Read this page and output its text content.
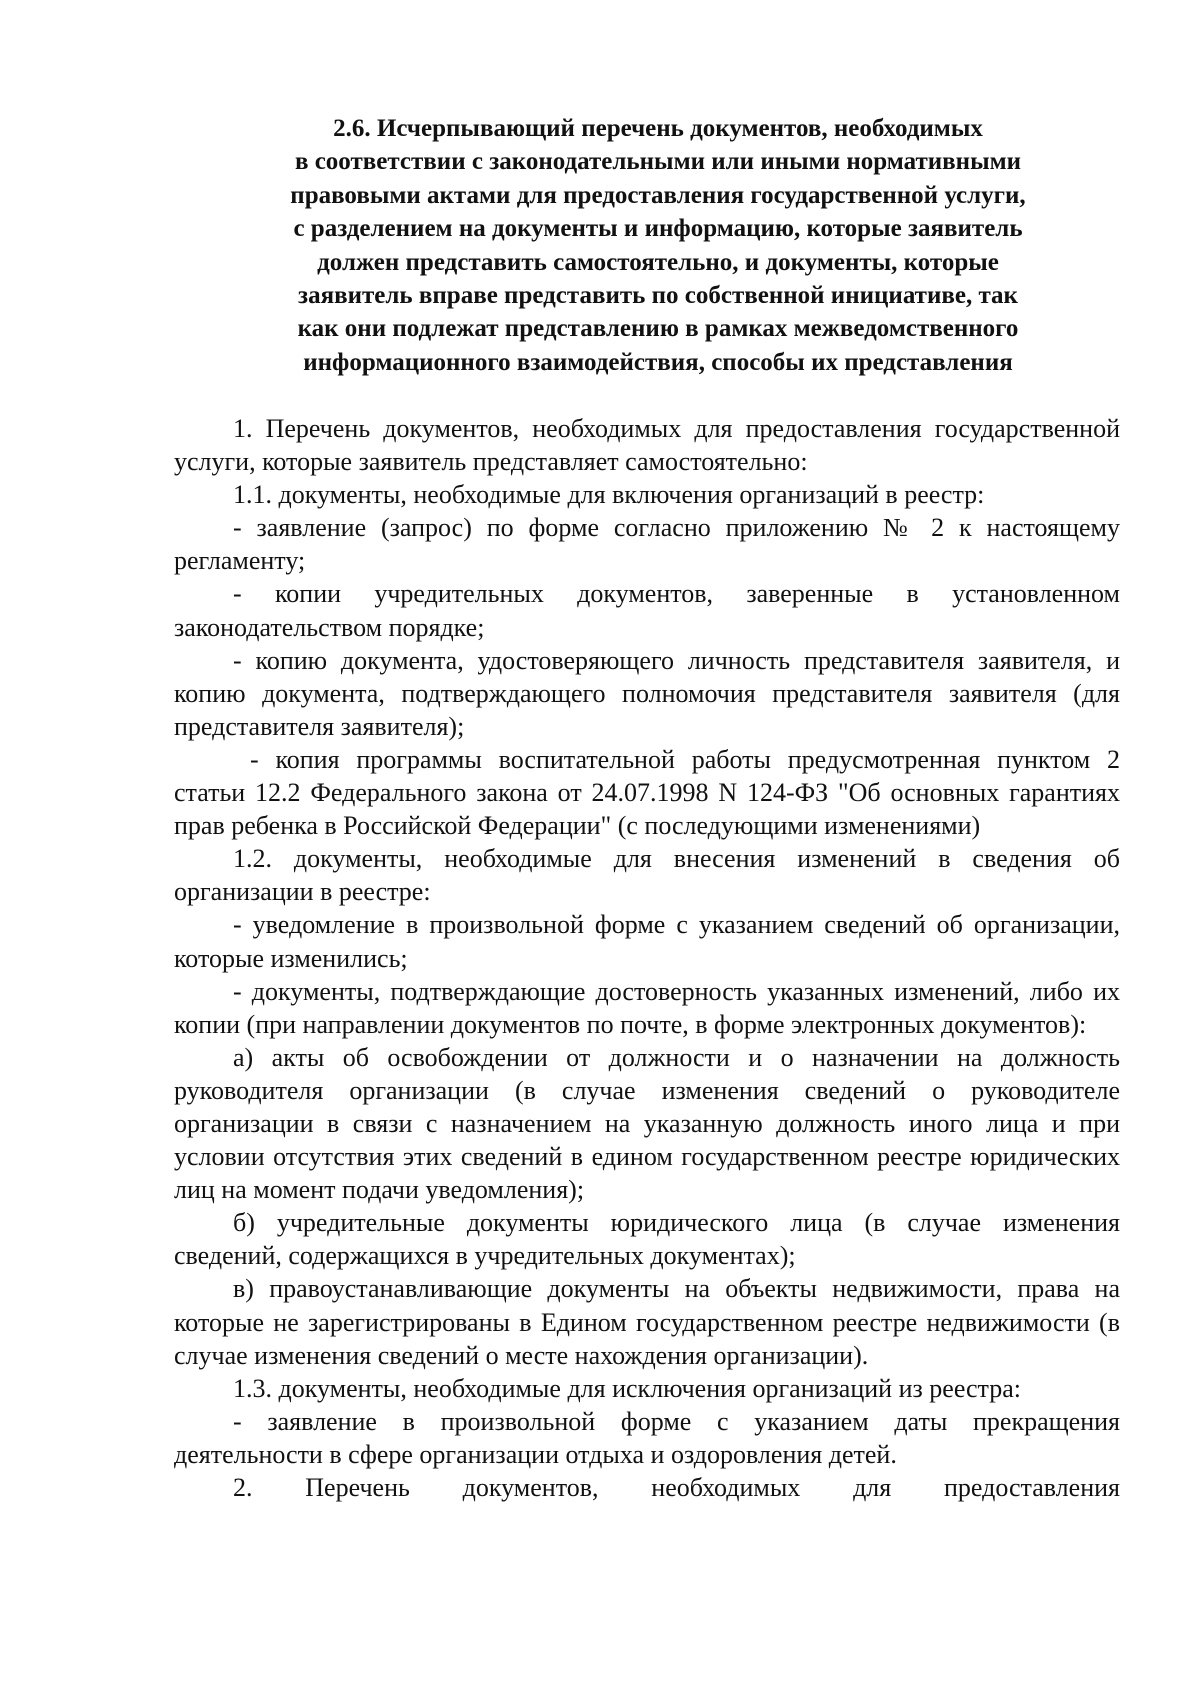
2.6. Исчерпывающий перечень документов, необходимых
в соответствии с законодательными или иными нормативными
правовыми актами для предоставления государственной услуги,
с разделением на документы и информацию, которые заявитель
должен представить самостоятельно, и документы, которые
заявитель вправе представить по собственной инициативе, так
как они подлежат представлению в рамках межведомственного
информационного взаимодействия, способы их представления

1. Перечень документов, необходимых для предоставления государственной услуги, которые заявитель представляет самостоятельно:

1.1. документы, необходимые для включения организаций в реестр:

- заявление (запрос) по форме согласно приложению № 2 к настоящему регламенту;

- копии учредительных документов, заверенные в установленном законодательством порядке;

- копию документа, удостоверяющего личность представителя заявителя, и копию документа, подтверждающего полномочия представителя заявителя (для представителя заявителя);

- копия программы воспитательной работы предусмотренная пунктом 2 статьи 12.2 Федерального закона от 24.07.1998 N 124-ФЗ "Об основных гарантиях прав ребенка в Российской Федерации" (с последующими изменениями)

1.2. документы, необходимые для внесения изменений в сведения об организации в реестре:

- уведомление в произвольной форме с указанием сведений об организации, которые изменились;

- документы, подтверждающие достоверность указанных изменений, либо их копии (при направлении документов по почте, в форме электронных документов):

а) акты об освобождении от должности и о назначении на должность руководителя организации (в случае изменения сведений о руководителе организации в связи с назначением на указанную должность иного лица и при условии отсутствия этих сведений в едином государственном реестре юридических лиц на момент подачи уведомления);

б) учредительные документы юридического лица (в случае изменения сведений, содержащихся в учредительных документах);

в) правоустанавливающие документы на объекты недвижимости, права на которые не зарегистрированы в Едином государственном реестре недвижимости (в случае изменения сведений о месте нахождения организации).

1.3. документы, необходимые для исключения организаций из реестра:

- заявление в произвольной форме с указанием даты прекращения деятельности в сфере организации отдыха и оздоровления детей.

2. Перечень документов, необходимых для предоставления
